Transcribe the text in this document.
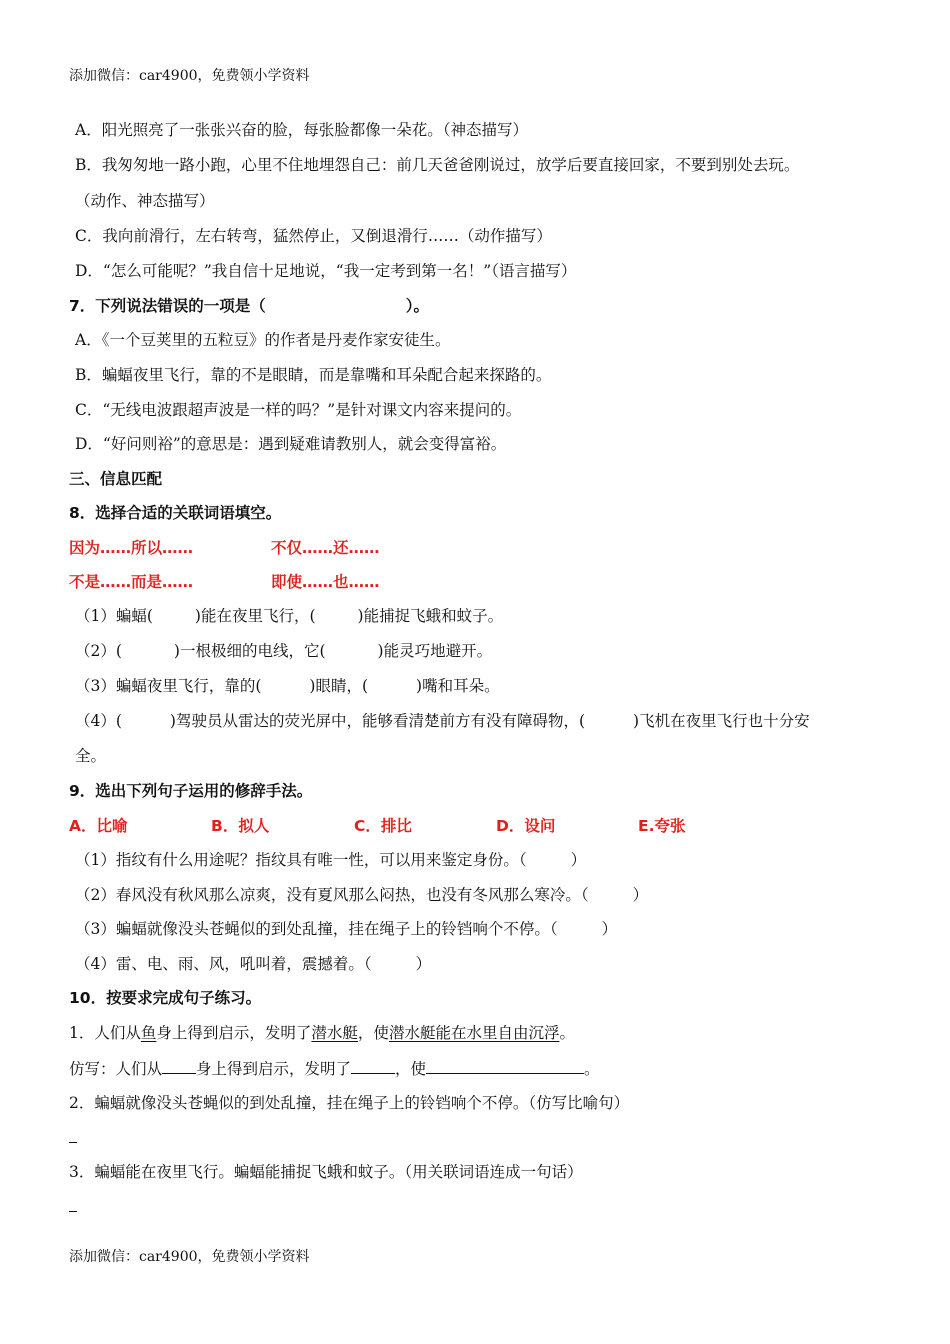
添加微信：car4900，免费领小学资料
A．阳光照亮了一张张兴奋的脸，每张脸都像一朵花。（神态描写）
B．我匆匆地一路小跑，心里不住地埋怨自己：前几天爸爸刚说过，放学后要直接回家，不要到别处去玩。
（动作、神态描写）
C．我向前滑行，左右转弯，猛然停止，又倒退滑行……（动作描写）
D．“怎么可能呢？”我自信十足地说，“我一定考到第一名！”（语言描写）
7．下列说法错误的一项是（	）。
A．《一个豆荚里的五粒豆》的作者是丹麦作家安徒生。
B．蝙蝠夜里飞行，靠的不是眼睛，而是靠嘴和耳朵配合起来探路的。
C．“无线电波跟超声波是一样的吗？”是针对课文内容来提问的。
D．“好问则裕”的意思是：遇到疑难请教别人，就会变得富裕。
三、信息匹配
8．选择合适的关联词语填空。
因为……所以……	不仅……还……
不是……而是……	即使……也……
（1）蝙蝠(	)能在夜里飞行，(	)能捕捉飞蛾和蚊子。
（2）(	)一根极细的电线，它(	)能灵巧地避开。
（3）蝙蝠夜里飞行，靠的(	)眼睛，(	)嘴和耳朵。
（4）(	)驾驶员从雷达的荧光屏中，能够看清楚前方有没有障碍物，(	)飞机在夜里飞行也十分安
全。
9．选出下列句子运用的修辞手法。
A．比喻	B．拟人	C．排比	D．设问	E.夸张
（1）指纹有什么用途呢？指纹具有唯一性，可以用来鉴定身份。（	）
（2）春风没有秋风那么凉爽，没有夏风那么闷热，也没有冬风那么寒冷。（	）
（3）蝙蝠就像没头苍蝇似的到处乱撞，挂在绳子上的铃铛响个不停。（	）
（4）雷、电、雨、风，吼叫着，震撼着。（	）
10．按要求完成句子练习。
1．人们从鱼身上得到启示，发明了潜水艇，使潜水艇能在水里自由沉浮。
仿写：人们从 身上得到启示，发明了	，使	。
2．蝙蝠就像没头苍蝇似的到处乱撞，挂在绳子上的铃铛响个不停。（仿写比喻句）
3．蝙蝠能在夜里飞行。蝙蝠能捕捉飞蛾和蚊子。（用关联词语连成一句话）
添加微信：car4900，免费领小学资料
